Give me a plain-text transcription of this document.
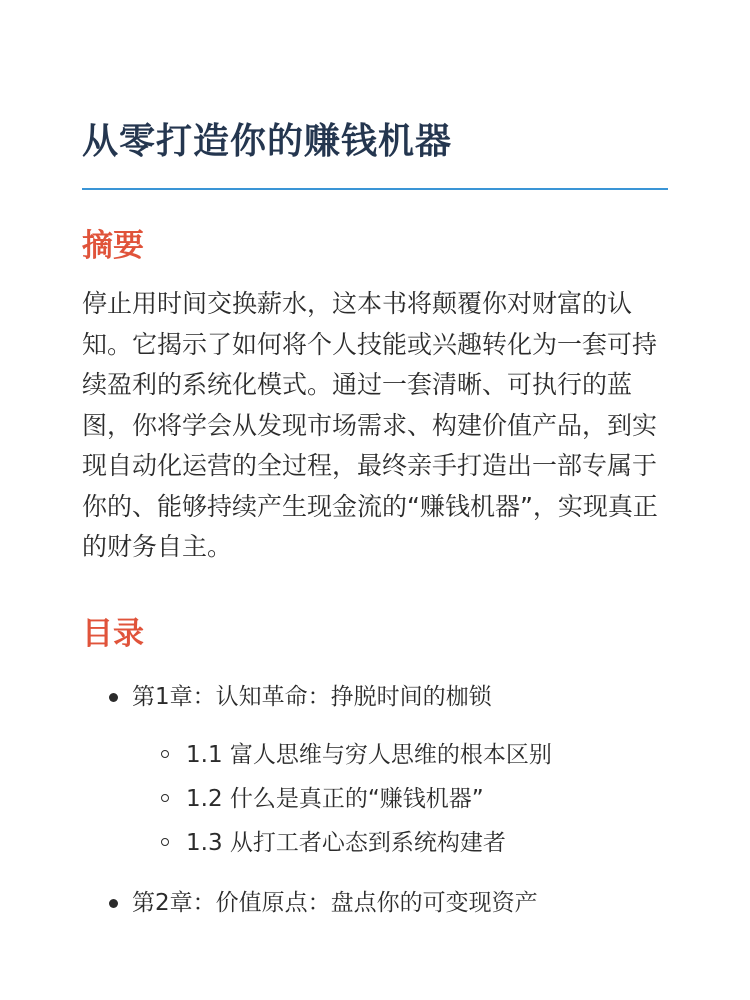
从零打造你的赚钱机器
摘要

停止用时间交换薪水，这本书将颠覆你对财富的认知。它揭示了如何将个人技能或兴趣转化为一套可持续盈利的系统化模式。通过一套清晰、可执行的蓝图，你将学会从发现市场需求、构建价值产品，到实现自动化运营的全过程，最终亲手打造出一部专属于你的、能够持续产生现金流的“赚钱机器”，实现真正的财务自主。

目录
第1章：认知革命：挣脱时间的枷锁
1.1 富人思维与穷人思维的根本区别
1.2 什么是真正的“赚钱机器”
1.3 从打工者心态到系统构建者
第2章：价值原点：盘点你的可变现资产
